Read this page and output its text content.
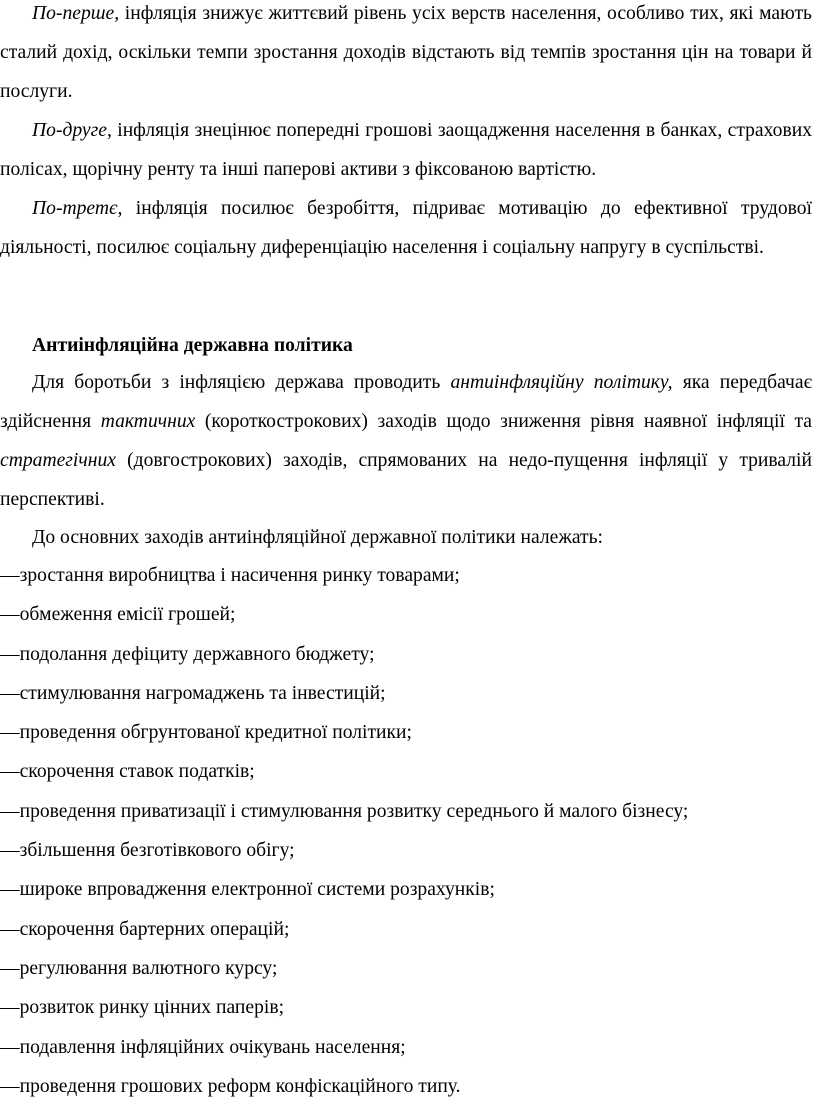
По-перше, інфляція знижує життєвий рівень усіх верств населення, особливо тих, які мають сталий дохід, оскільки темпи зростання доходів відстають від темпів зростання цін на товари й послуги.

По-друге, інфляція знецінює попередні грошові заощадження населення в банках, страхових полісах, щорічну ренту та інші паперові активи з фіксованою вартістю.

По-третє, інфляція посилює безробіття, підриває мотивацію до ефективної трудової діяльності, посилює соціальну диференціацію населення і соціальну напругу в суспільстві.

Антиінфляційна державна політика

Для боротьби з інфляцією держава проводить антиінфляційну політику, яка передбачає здійснення тактичних (короткострокових) заходів щодо зниження рівня наявної інфляції та стратегічних (довгострокових) заходів, спрямованих на недо-пущення інфляції у тривалій перспективі.

До основних заходів антиінфляційної державної політики належать:

—зростання виробництва і насичення ринку товарами;
—обмеження емісії грошей;
—подолання дефіциту державного бюджету;
—стимулювання нагромаджень та інвестицій;
—проведення обгрунтованої кредитної політики;
—скорочення ставок податків;
—проведення приватизації і стимулювання розвитку середнього й малого бізнесу;
—збільшення безготівкового обігу;
—широке впровадження електронної системи розрахунків;
—скорочення бартерних операцій;
—регулювання валютного курсу;
—розвиток ринку цінних паперів;
—подавлення інфляційних очікувань населення;
—проведення грошових реформ конфіскаційного типу.
